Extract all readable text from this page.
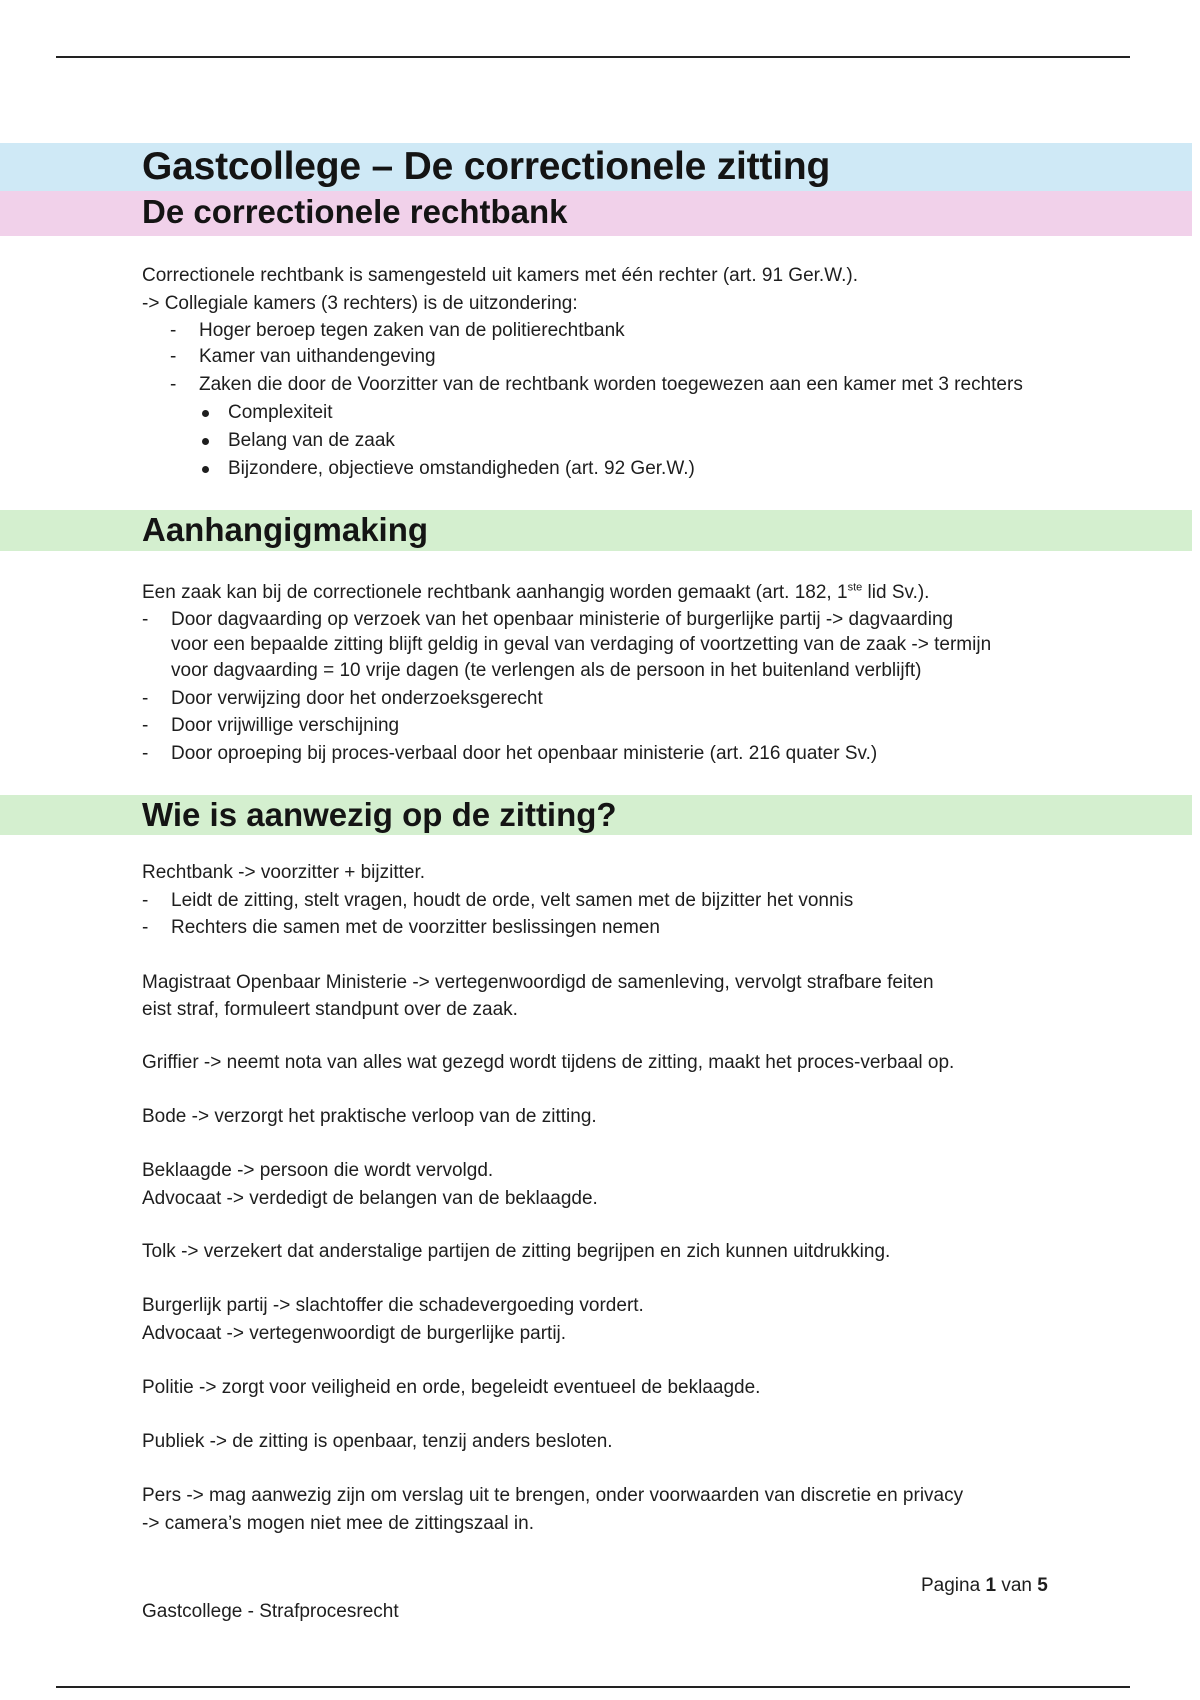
Gastcollege – De correctionele zitting
De correctionele rechtbank
Correctionele rechtbank is samengesteld uit kamers met één rechter (art. 91 Ger.W.).
-> Collegiale kamers (3 rechters) is de uitzondering:
- Hoger beroep tegen zaken van de politierechtbank
- Kamer van uithandengeving
- Zaken die door de Voorzitter van de rechtbank worden toegewezen aan een kamer met 3 rechters
Complexiteit
Belang van de zaak
Bijzondere, objectieve omstandigheden (art. 92 Ger.W.)
Aanhangigmaking
Een zaak kan bij de correctionele rechtbank aanhangig worden gemaakt (art. 182, 1ste lid Sv.).
- Door dagvaarding op verzoek van het openbaar ministerie of burgerlijke partij -> dagvaarding
voor een bepaalde zitting blijft geldig in geval van verdaging of voortzetting van de zaak -> termijn
voor dagvaarding = 10 vrije dagen (te verlengen als de persoon in het buitenland verblijft)
- Door verwijzing door het onderzoeksgerecht
- Door vrijwillige verschijning
- Door oproeping bij proces-verbaal door het openbaar ministerie (art. 216 quater Sv.)
Wie is aanwezig op de zitting?
Rechtbank -> voorzitter + bijzitter.
- Leidt de zitting, stelt vragen, houdt de orde, velt samen met de bijzitter het vonnis
- Rechters die samen met de voorzitter beslissingen nemen
Magistraat Openbaar Ministerie -> vertegenwoordigd de samenleving, vervolgt strafbare feiten
eist straf, formuleert standpunt over de zaak.
Griffier -> neemt nota van alles wat gezegd wordt tijdens de zitting, maakt het proces-verbaal op.
Bode -> verzorgt het praktische verloop van de zitting.
Beklaagde -> persoon die wordt vervolgd.
Advocaat -> verdedigt de belangen van de beklaagde.
Tolk -> verzekert dat anderstalige partijen de zitting begrijpen en zich kunnen uitdrukking.
Burgerlijk partij -> slachtoffer die schadevergoeding vordert.
Advocaat -> vertegenwoordigt de burgerlijke partij.
Politie -> zorgt voor veiligheid en orde, begeleidt eventueel de beklaagde.
Publiek -> de zitting is openbaar, tenzij anders besloten.
Pers -> mag aanwezig zijn om verslag uit te brengen, onder voorwaarden van discretie en privacy
-> camera’s mogen niet mee de zittingszaal in.
Pagina 1 van 5
Gastcollege - Strafprocesrecht
